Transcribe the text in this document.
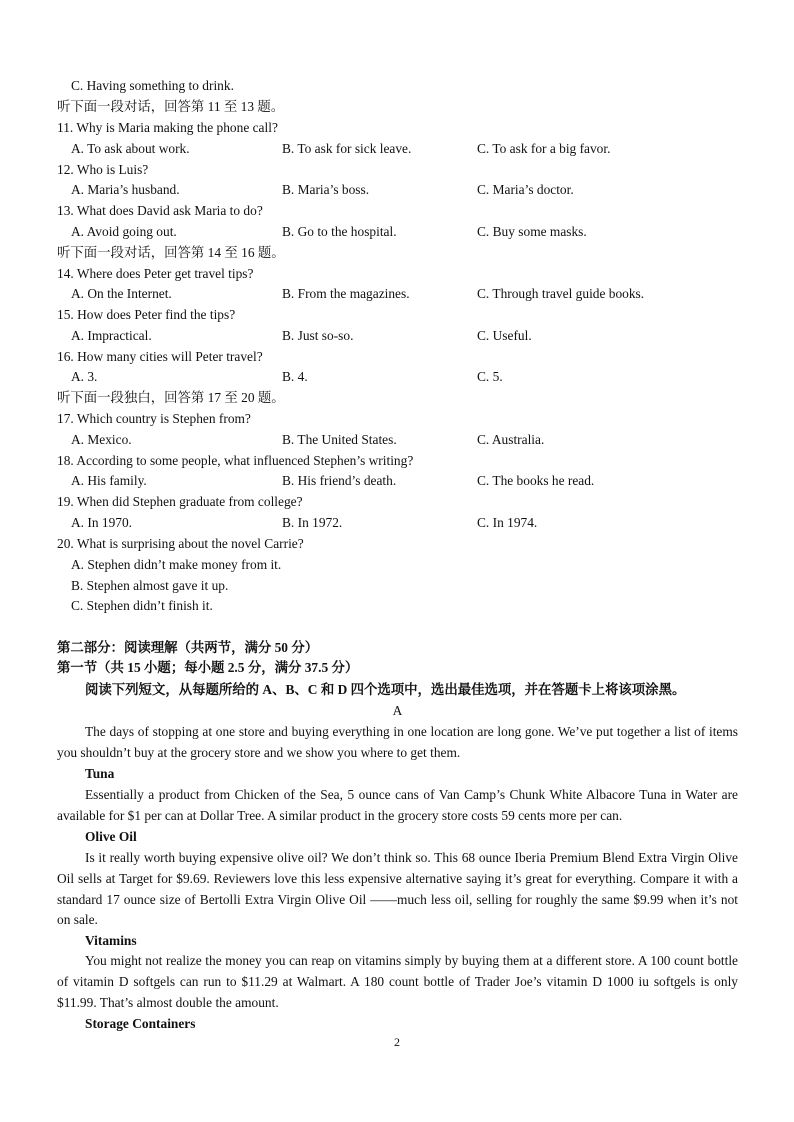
C. Having something to drink.
听下面一段对话，回答第 11 至 13 题。
11. Why is Maria making the phone call?
A. To ask about work.	B. To ask for sick leave.	C. To ask for a big favor.
12. Who is Luis?
A. Maria’s husband.	B. Maria’s boss.	C. Maria’s doctor.
13. What does David ask Maria to do?
A. Avoid going out.	B. Go to the hospital.	C. Buy some masks.
听下面一段对话，回答第 14 至 16 题。
14. Where does Peter get travel tips?
A. On the Internet.	B. From the magazines.	C. Through travel guide books.
15. How does Peter find the tips?
A. Impractical.	B. Just so-so.	C. Useful.
16. How many cities will Peter travel?
A. 3.	B. 4.	C. 5.
听下面一段独白，回答第 17 至 20 题。
17. Which country is Stephen from?
A. Mexico.	B. The United States.	C. Australia.
18. According to some people, what influenced Stephen’s writing?
A. His family.	B. His friend’s death.	C. The books he read.
19. When did Stephen graduate from college?
A. In 1970.	B. In 1972.	C. In 1974.
20. What is surprising about the novel Carrie?
A. Stephen didn’t make money from it.
B. Stephen almost gave it up.
C. Stephen didn’t finish it.
第二部分：阅读理解（共两节，满分 50 分）
第一节（共 15 小题；每小题 2.5 分，满分 37.5 分）
阅读下列短文，从每题所给的 A、B、C 和 D 四个选项中，选出最佳选项，并在答题卡上将该项涂黑。
A
The days of stopping at one store and buying everything in one location are long gone. We’ve put together a list of items you shouldn’t buy at the grocery store and we show you where to get them.
Tuna
Essentially a product from Chicken of the Sea, 5 ounce cans of Van Camp’s Chunk White Albacore Tuna in Water are available for $1 per can at Dollar Tree. A similar product in the grocery store costs 59 cents more per can.
Olive Oil
Is it really worth buying expensive olive oil? We don’t think so. This 68 ounce Iberia Premium Blend Extra Virgin Olive Oil sells at Target for $9.69. Reviewers love this less expensive alternative saying it’s great for everything. Compare it with a standard 17 ounce size of Bertolli Extra Virgin Olive Oil ——much less oil, selling for roughly the same $9.99 when it’s not on sale.
Vitamins
You might not realize the money you can reap on vitamins simply by buying them at a different store. A 100 count bottle of vitamin D softgels can run to $11.29 at Walmart. A 180 count bottle of Trader Joe’s vitamin D 1000 iu softgels is only $11.99. That’s almost double the amount.
Storage Containers
2
